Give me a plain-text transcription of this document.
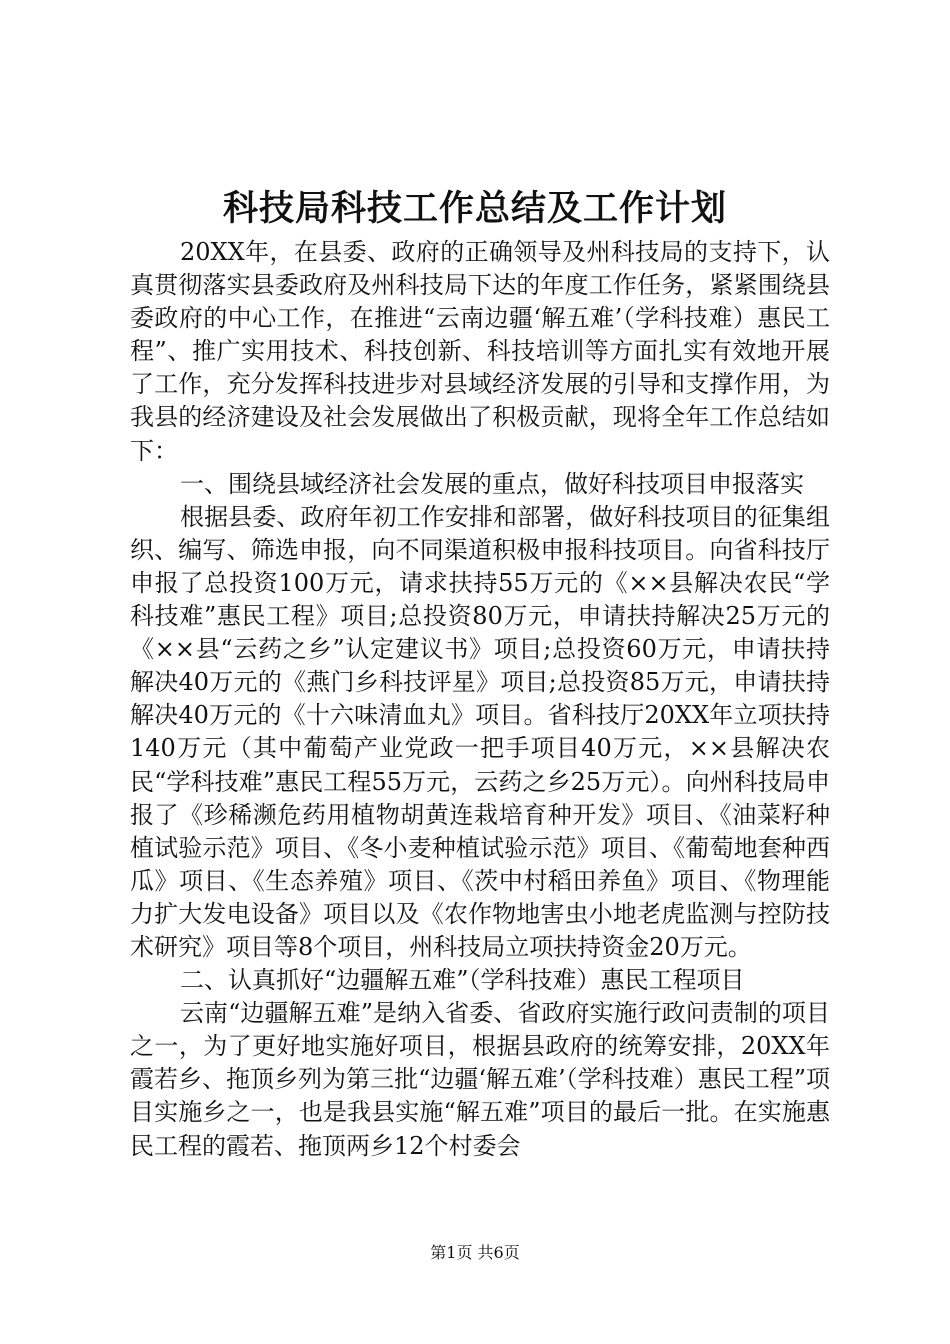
科技局科技工作总结及工作计划

20XX年，在县委、政府的正确领导及州科技局的支持下，认真贯彻落实县委政府及州科技局下达的年度工作任务，紧紧围绕县委政府的中心工作，在推进“云南边疆‘解五难’（学科技难）惠民工程”、推广实用技术、科技创新、科技培训等方面扎实有效地开展了工作，充分发挥科技进步对县域经济发展的引导和支撑作用，为我县的经济建设及社会发展做出了积极贡献，现将全年工作总结如下：

一、围绕县域经济社会发展的重点，做好科技项目申报落实

根据县委、政府年初工作安排和部署，做好科技项目的征集组织、编写、筛选申报，向不同渠道积极申报科技项目。向省科技厅申报了总投资100万元，请求扶持55万元的《××县解决农民“学科技难”惠民工程》项目;总投资80万元，申请扶持解决25万元的《××县“云药之乡”认定建议书》项目;总投资60万元，申请扶持解决40万元的《燕门乡科技评星》项目;总投资85万元，申请扶持解决40万元的《十六味清血丸》项目。省科技厅20XX年立项扶持140万元（其中葡萄产业党政一把手项目40万元，××县解决农民“学科技难”惠民工程55万元，云药之乡25万元）。向州科技局申报了《珍稀濒危药用植物胡黄连栽培育种开发》项目、《油菜籽种植试验示范》项目、《冬小麦种植试验示范》项目、《葡萄地套种西瓜》项目、《生态养殖》项目、《茨中村稻田养鱼》项目、《物理能力扩大发电设备》项目以及《农作物地害虫小地老虎监测与控防技术研究》项目等8个项目，州科技局立项扶持资金20万元。

二、认真抓好“边疆解五难”（学科技难）惠民工程项目

云南“边疆解五难”是纳入省委、省政府实施行政问责制的项目之一，为了更好地实施好项目，根据县政府的统筹安排，20XX年霞若乡、拖顶乡列为第三批“边疆‘解五难’（学科技难）惠民工程”项目实施乡之一，也是我县实施“解五难”项目的最后一批。在实施惠民工程的霞若、拖顶两乡12个村委会

第1页 共6页
